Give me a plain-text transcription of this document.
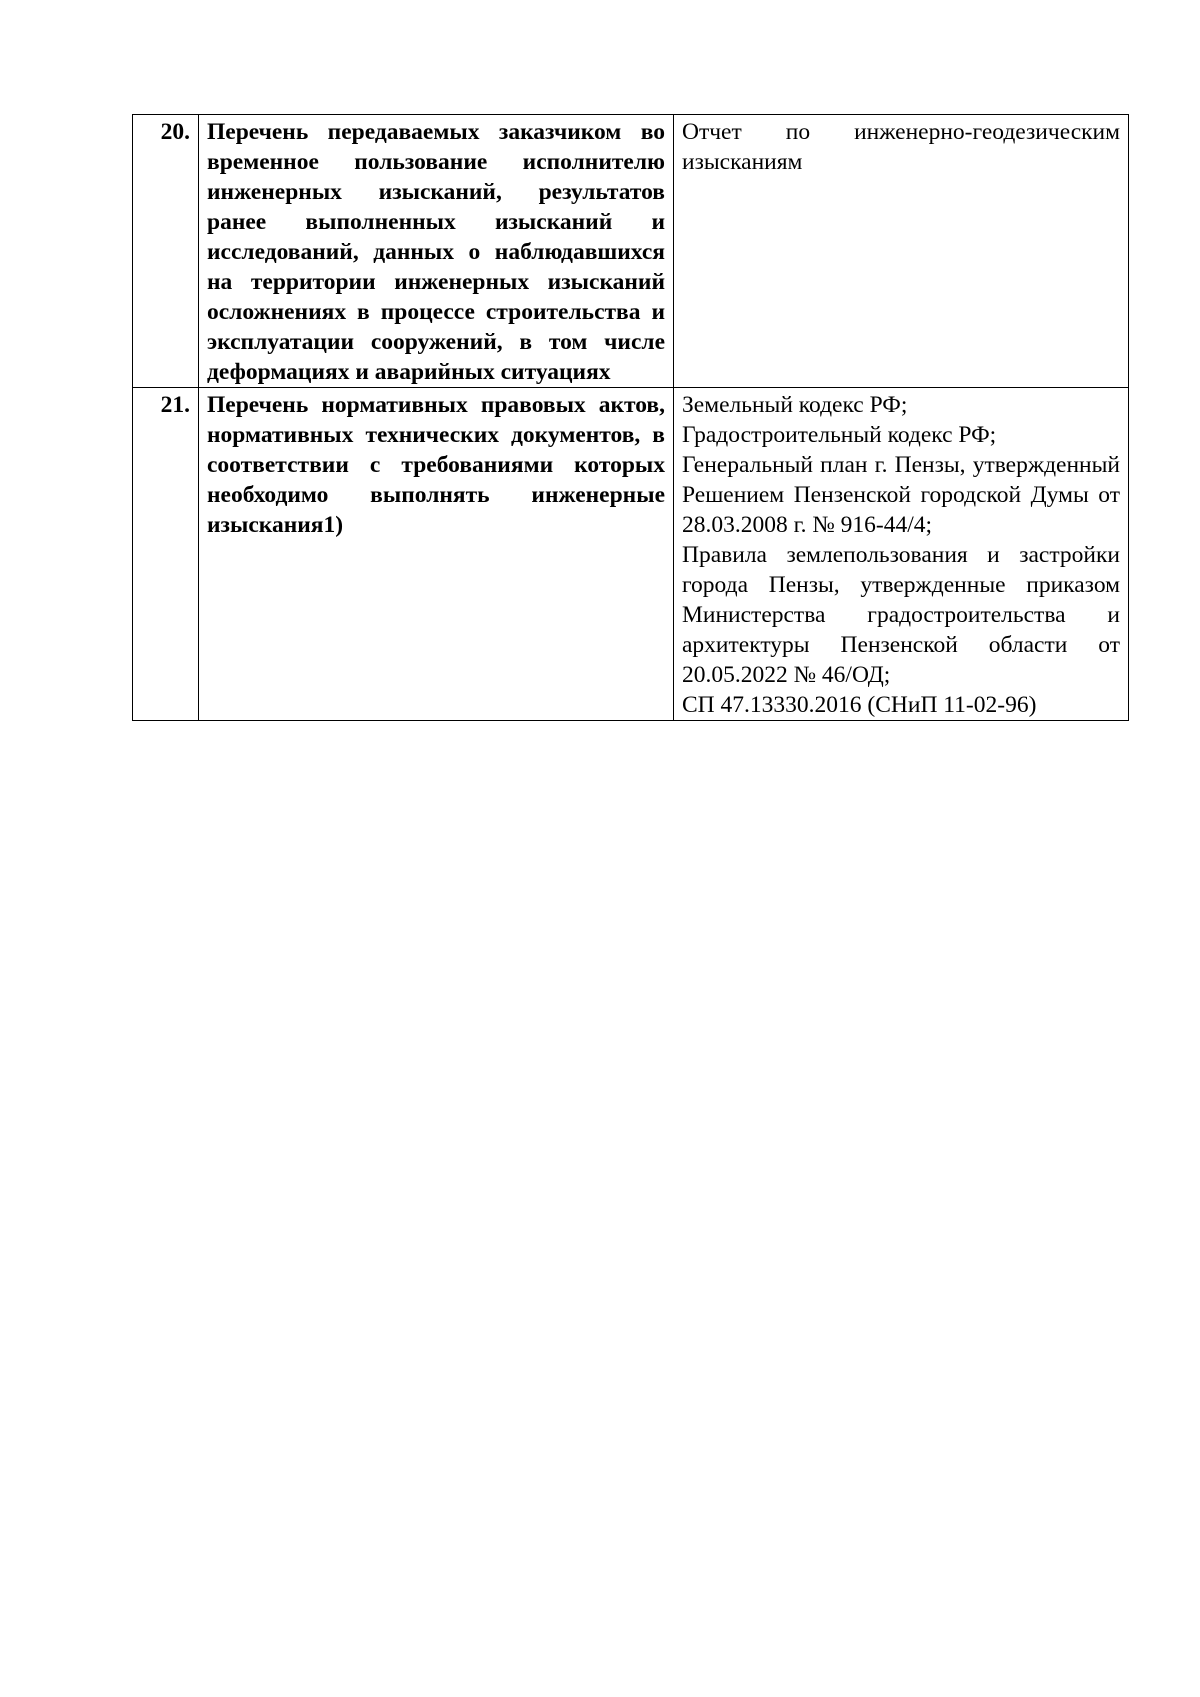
20.	Перечень передаваемых заказчиком во временное пользование исполнителю инженерных изысканий, результатов ранее выполненных изысканий и исследований, данных о наблюдавшихся на территории инженерных изысканий осложнениях в процессе строительства и эксплуатации сооружений, в том числе деформациях и аварийных ситуациях	Отчет по инженерно-геодезическим изысканиям

21.	Перечень нормативных правовых актов, нормативных технических документов, в соответствии с требованиями которых необходимо выполнять инженерные изыскания1)	Земельный кодекс РФ;
Градостроительный кодекс РФ;
Генеральный план г. Пензы, утвержденный Решением Пензенской городской Думы от 28.03.2008 г. № 916-44/4;
Правила землепользования и застройки города Пензы, утвержденные приказом Министерства градостроительства и архитектуры Пензенской области от 20.05.2022 № 46/ОД;
СП 47.13330.2016 (СНиП 11-02-96)
